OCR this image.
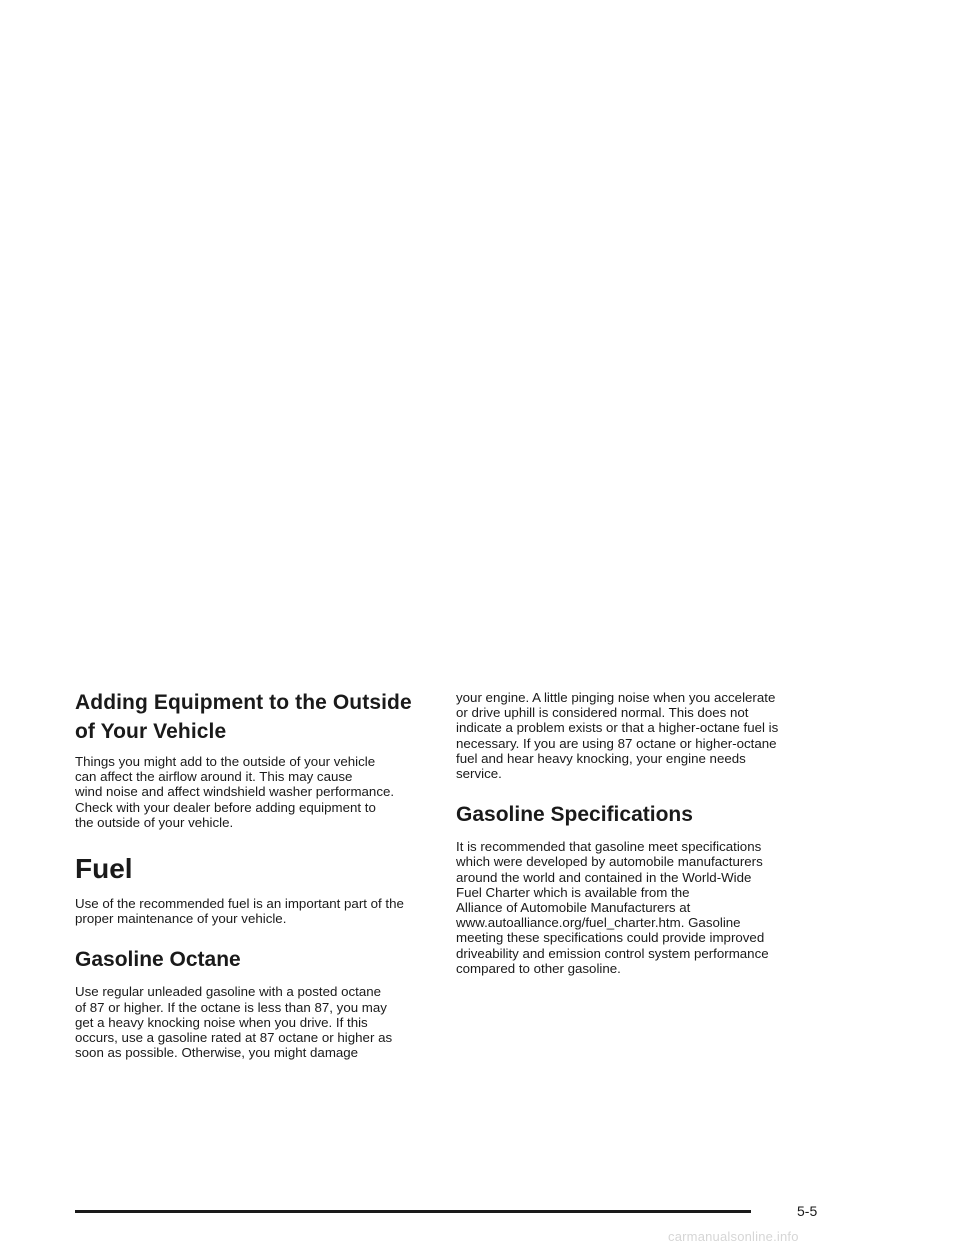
Adding Equipment to the Outside
of Your Vehicle

Things you might add to the outside of your vehicle
can affect the airflow around it. This may cause
wind noise and affect windshield washer performance.
Check with your dealer before adding equipment to
the outside of your vehicle.

Fuel

Use of the recommended fuel is an important part of the
proper maintenance of your vehicle.

Gasoline Octane

Use regular unleaded gasoline with a posted octane
of 87 or higher. If the octane is less than 87, you may
get a heavy knocking noise when you drive. If this
occurs, use a gasoline rated at 87 octane or higher as
soon as possible. Otherwise, you might damage

your engine. A little pinging noise when you accelerate
or drive uphill is considered normal. This does not
indicate a problem exists or that a higher-octane fuel is
necessary. If you are using 87 octane or higher-octane
fuel and hear heavy knocking, your engine needs
service.

Gasoline Specifications

It is recommended that gasoline meet specifications
which were developed by automobile manufacturers
around the world and contained in the World-Wide
Fuel Charter which is available from the
Alliance of Automobile Manufacturers at
www.autoalliance.org/fuel_charter.htm. Gasoline
meeting these specifications could provide improved
driveability and emission control system performance
compared to other gasoline.

5-5
carmanualsonline.info
